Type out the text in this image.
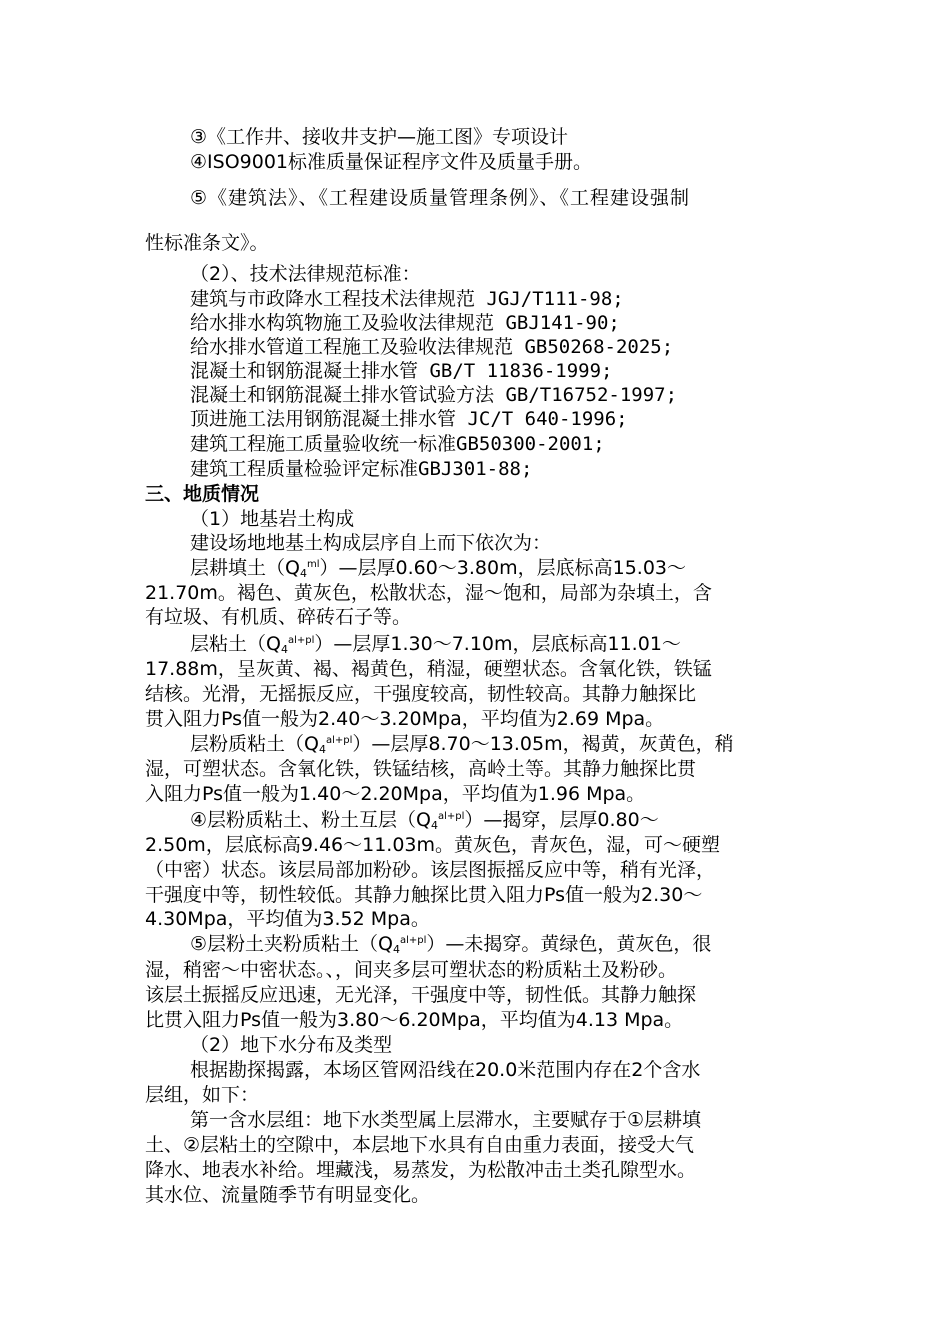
③《工作井、接收井支护—施工图》专项设计
④ISO9001标准质量保证程序文件及质量手册。
⑤《建筑法》、《工程建设质量管理条例》、《工程建设强制
性标准条文》。
（2）、技术法律规范标准：
建筑与市政降水工程技术法律规范 JGJ/T111-98;
给水排水构筑物施工及验收法律规范 GBJ141-90;
给水排水管道工程施工及验收法律规范 GB50268-2025;
混凝土和钢筋混凝土排水管 GB/T 11836-1999;
混凝土和钢筋混凝土排水管试验方法 GB/T16752-1997;
顶进施工法用钢筋混凝土排水管 JC/T 640-1996;
建筑工程施工质量验收统一标准GB50300-2001;
建筑工程质量检验评定标准GBJ301-88;
三、地质情况
（1）地基岩土构成
建设场地地基土构成层序自上而下依次为：
层耕填土$(Q_4^{ml})—$层厚0.60～3.80m，层底标高15.03～
21.70m。褐色、黄灰色，松散状态，湿～饱和，局部为杂填土，含
有垃圾、有机质、碎砖石子等。
层粘土$(Q_4^{al+pl})—$层厚1.30～7.10m，层底标高11.01～
17.88m，呈灰黄、褐、褐黄色，稍湿，硬塑状态。含氧化铁，铁锰
结核。光滑，无摇振反应，干强度较高，韧性较高。其静力触探比
贯入阻力Ps值一般为2.40～3.20Mpa，平均值为2.69 Mpa。
层粉质粘土$(Q_4^{al+pl})—$层厚8.70～13.05m，褐黄，灰黄色，稍
湿，可塑状态。含氧化铁，铁锰结核，高岭土等。其静力触探比贯
入阻力Ps值一般为1.40～2.20Mpa，平均值为1.96 Mpa。
④层粉质粘土、粉土互层$(Q_4^{al+pl})—$揭穿，层厚0.80～
2.50m，层底标高9.46～11.03m。黄灰色，青灰色，湿，可～硬塑
（中密）状态。该层局部加粉砂。该层图振摇反应中等，稍有光泽，
干强度中等，韧性较低。其静力触探比贯入阻力Ps值一般为2.30～
4.30Mpa，平均值为3.52 Mpa。
⑤层粉土夹粉质粘土$(Q_4^{al+pl})—$未揭穿。黄绿色，黄灰色，很
湿，稍密～中密状态。、，间夹多层可塑状态的粉质粘土及粉砂。
该层土振摇反应迅速，无光泽，干强度中等，韧性低。其静力触探
比贯入阻力Ps值一般为3.80～6.20Mpa，平均值为4.13 Mpa。
（2）地下水分布及类型
根据勘探揭露，本场区管网沿线在20.0米范围内存在2个含水
层组，如下：
第一含水层组：地下水类型属上层滞水，主要赋存于①层耕填
土、②层粘土的空隙中，本层地下水具有自由重力表面，接受大气
降水、地表水补给。埋藏浅，易蒸发，为松散冲击土类孔隙型水。
其水位、流量随季节有明显变化。
